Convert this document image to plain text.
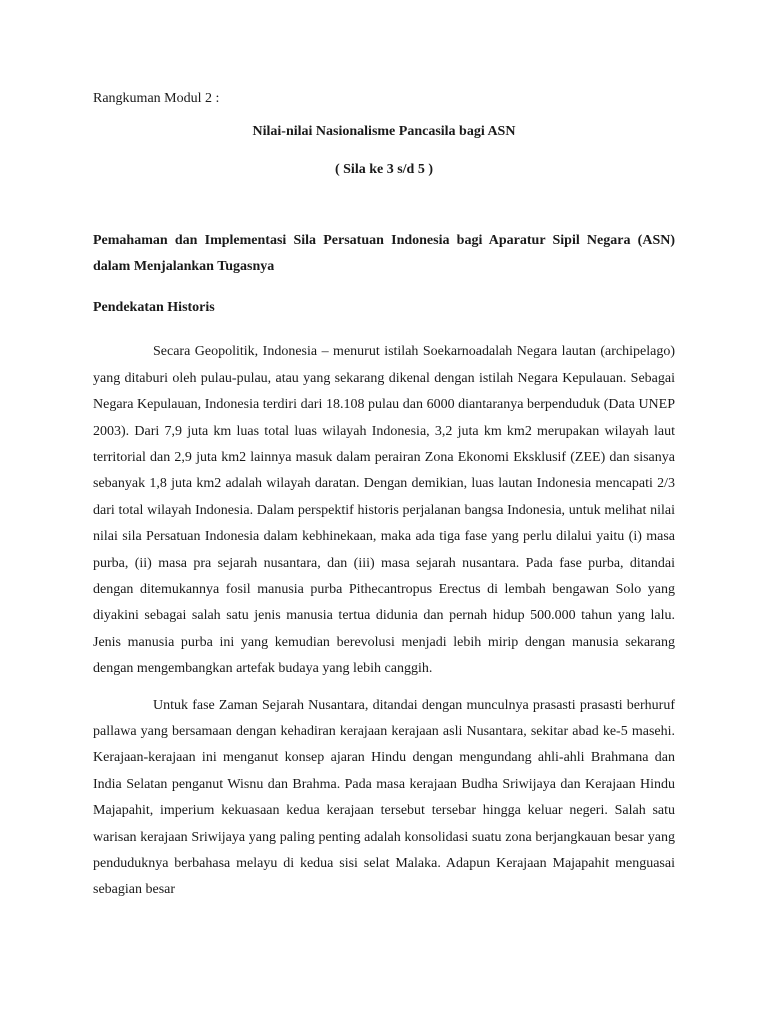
Rangkuman Modul 2 :

Nilai-nilai Nasionalisme Pancasila bagi ASN

( Sila ke 3 s/d 5 )

Pemahaman dan Implementasi Sila Persatuan Indonesia bagi Aparatur Sipil Negara (ASN) dalam Menjalankan Tugasnya

Pendekatan Historis

Secara Geopolitik, Indonesia – menurut istilah Soekarnoadalah Negara lautan (archipelago) yang ditaburi oleh pulau-pulau, atau yang sekarang dikenal dengan istilah Negara Kepulauan. Sebagai Negara Kepulauan, Indonesia terdiri dari 18.108 pulau dan 6000 diantaranya berpenduduk (Data UNEP 2003). Dari 7,9 juta km luas total luas wilayah Indonesia, 3,2 juta km km2 merupakan wilayah laut territorial dan 2,9 juta km2 lainnya masuk dalam perairan Zona Ekonomi Eksklusif (ZEE) dan sisanya sebanyak 1,8 juta km2 adalah wilayah daratan. Dengan demikian, luas lautan Indonesia mencapati 2/3 dari total wilayah Indonesia. Dalam perspektif historis perjalanan bangsa Indonesia, untuk melihat nilai nilai sila Persatuan Indonesia dalam kebhinekaan, maka ada tiga fase yang perlu dilalui yaitu (i) masa purba, (ii) masa pra sejarah nusantara, dan (iii) masa sejarah nusantara. Pada fase purba, ditandai dengan ditemukannya fosil manusia purba Pithecantropus Erectus di lembah bengawan Solo yang diyakini sebagai salah satu jenis manusia tertua didunia dan pernah hidup 500.000 tahun yang lalu. Jenis manusia purba ini yang kemudian berevolusi menjadi lebih mirip dengan manusia sekarang dengan mengembangkan artefak budaya yang lebih canggih.

Untuk fase Zaman Sejarah Nusantara, ditandai dengan munculnya prasasti prasasti berhuruf pallawa yang bersamaan dengan kehadiran kerajaan kerajaan asli Nusantara, sekitar abad ke-5 masehi. Kerajaan-kerajaan ini menganut konsep ajaran Hindu dengan mengundang ahli-ahli Brahmana dan India Selatan penganut Wisnu dan Brahma. Pada masa kerajaan Budha Sriwijaya dan Kerajaan Hindu Majapahit, imperium kekuasaan kedua kerajaan tersebut tersebar hingga keluar negeri. Salah satu warisan kerajaan Sriwijaya yang paling penting adalah konsolidasi suatu zona berjangkauan besar yang penduduknya berbahasa melayu di kedua sisi selat Malaka. Adapun Kerajaan Majapahit menguasai sebagian besar
